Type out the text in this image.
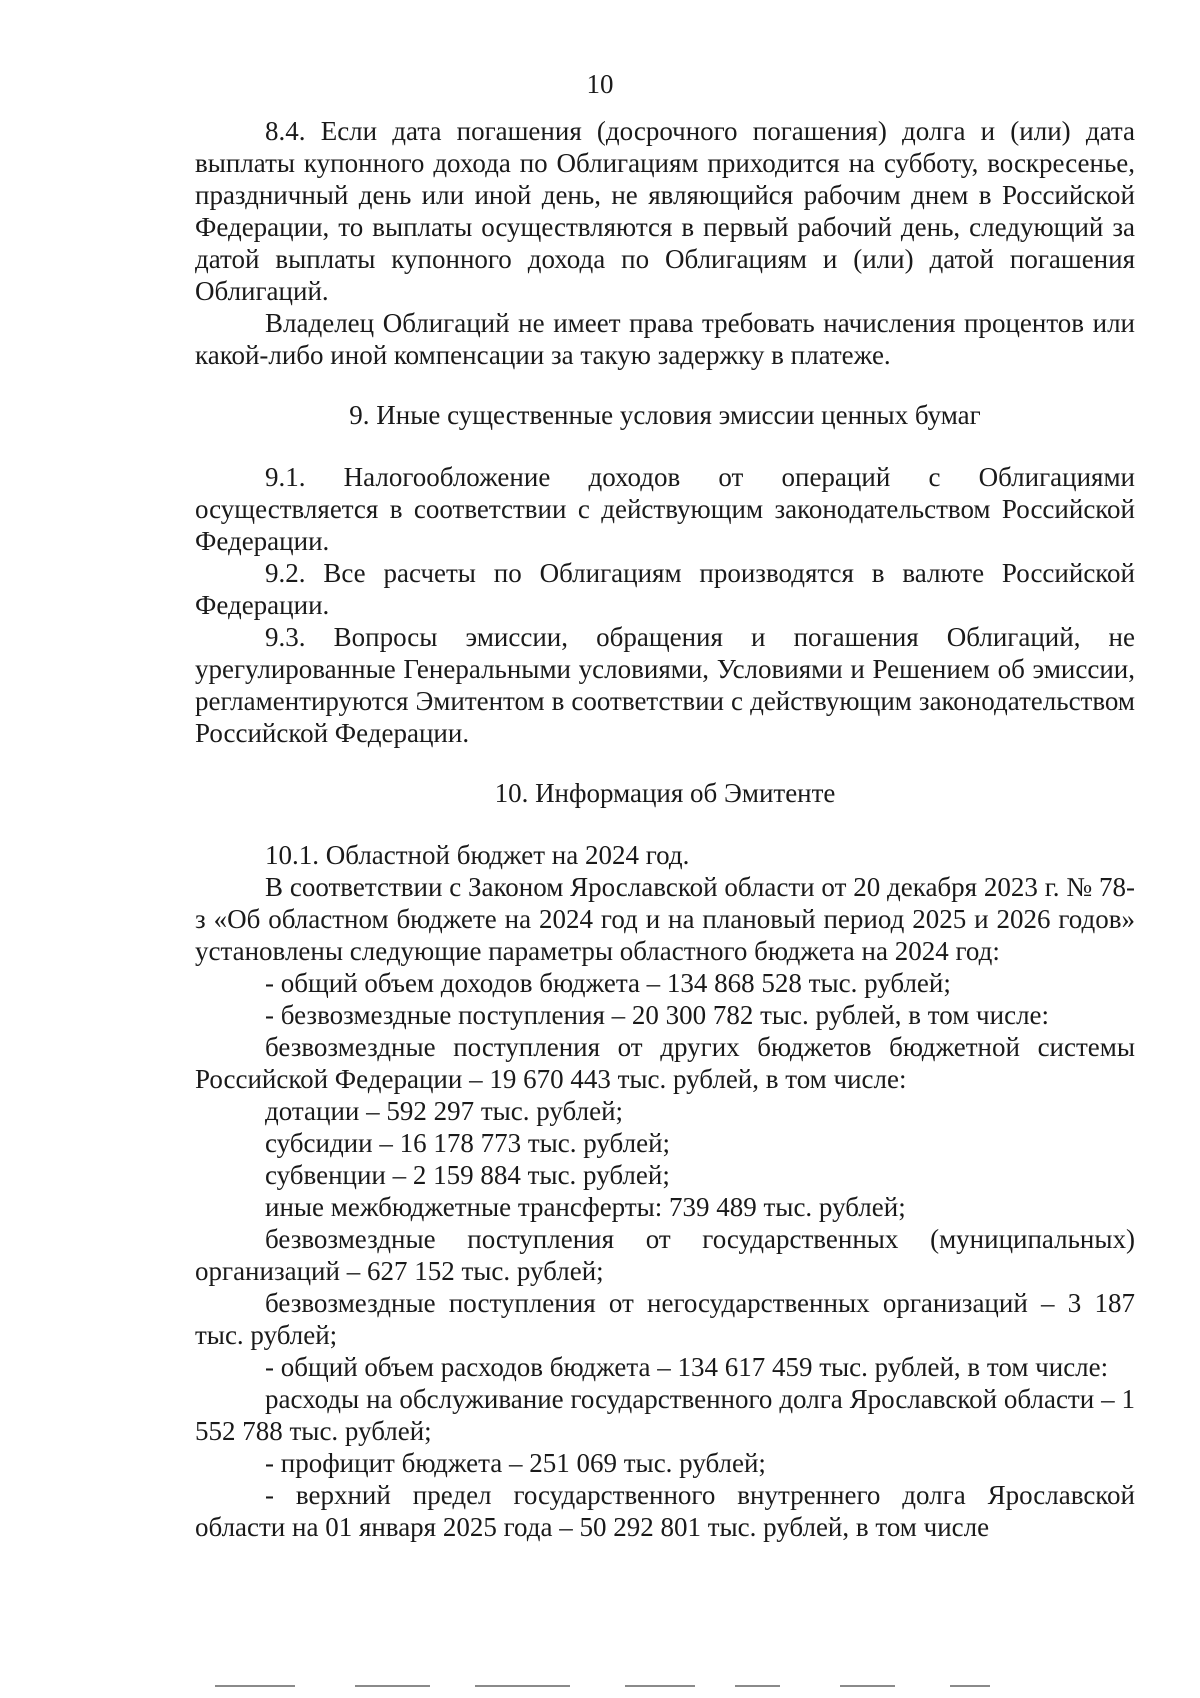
10

8.4. Если дата погашения (досрочного погашения) долга и (или) дата выплаты купонного дохода по Облигациям приходится на субботу, воскресенье, праздничный день или иной день, не являющийся рабочим днем в Российской Федерации, то выплаты осуществляются в первый рабочий день, следующий за датой выплаты купонного дохода по Облигациям и (или) датой погашения Облигаций.

Владелец Облигаций не имеет права требовать начисления процентов или какой-либо иной компенсации за такую задержку в платеже.

9. Иные существенные условия эмиссии ценных бумаг

9.1. Налогообложение доходов от операций с Облигациями осуществляется в соответствии с действующим законодательством Российской Федерации.

9.2. Все расчеты по Облигациям производятся в валюте Российской Федерации.

9.3. Вопросы эмиссии, обращения и погашения Облигаций, не урегулированные Генеральными условиями, Условиями и Решением об эмиссии, регламентируются Эмитентом в соответствии с действующим законодательством Российской Федерации.

10. Информация об Эмитенте

10.1. Областной бюджет на 2024 год.

В соответствии с Законом Ярославской области от 20 декабря 2023 г. № 78-з «Об областном бюджете на 2024 год и на плановый период 2025 и 2026 годов» установлены следующие параметры областного бюджета на 2024 год:

- общий объем доходов бюджета – 134 868 528 тыс. рублей;

- безвозмездные поступления – 20 300 782 тыс. рублей, в том числе:

безвозмездные поступления от других бюджетов бюджетной системы Российской Федерации – 19 670 443 тыс. рублей, в том числе:

дотации – 592 297 тыс. рублей;

субсидии – 16 178 773 тыс. рублей;

субвенции – 2 159 884 тыс. рублей;

иные межбюджетные трансферты: 739 489 тыс. рублей;

безвозмездные поступления от государственных (муниципальных) организаций – 627 152 тыс. рублей;

безвозмездные поступления от негосударственных организаций – 3 187 тыс. рублей;

- общий объем расходов бюджета – 134 617 459 тыс. рублей, в том числе:

расходы на обслуживание государственного долга Ярославской области – 1 552 788 тыс. рублей;

- профицит бюджета – 251 069 тыс. рублей;

- верхний предел государственного внутреннего долга Ярославской области на 01 января 2025 года – 50 292 801 тыс. рублей, в том числе
